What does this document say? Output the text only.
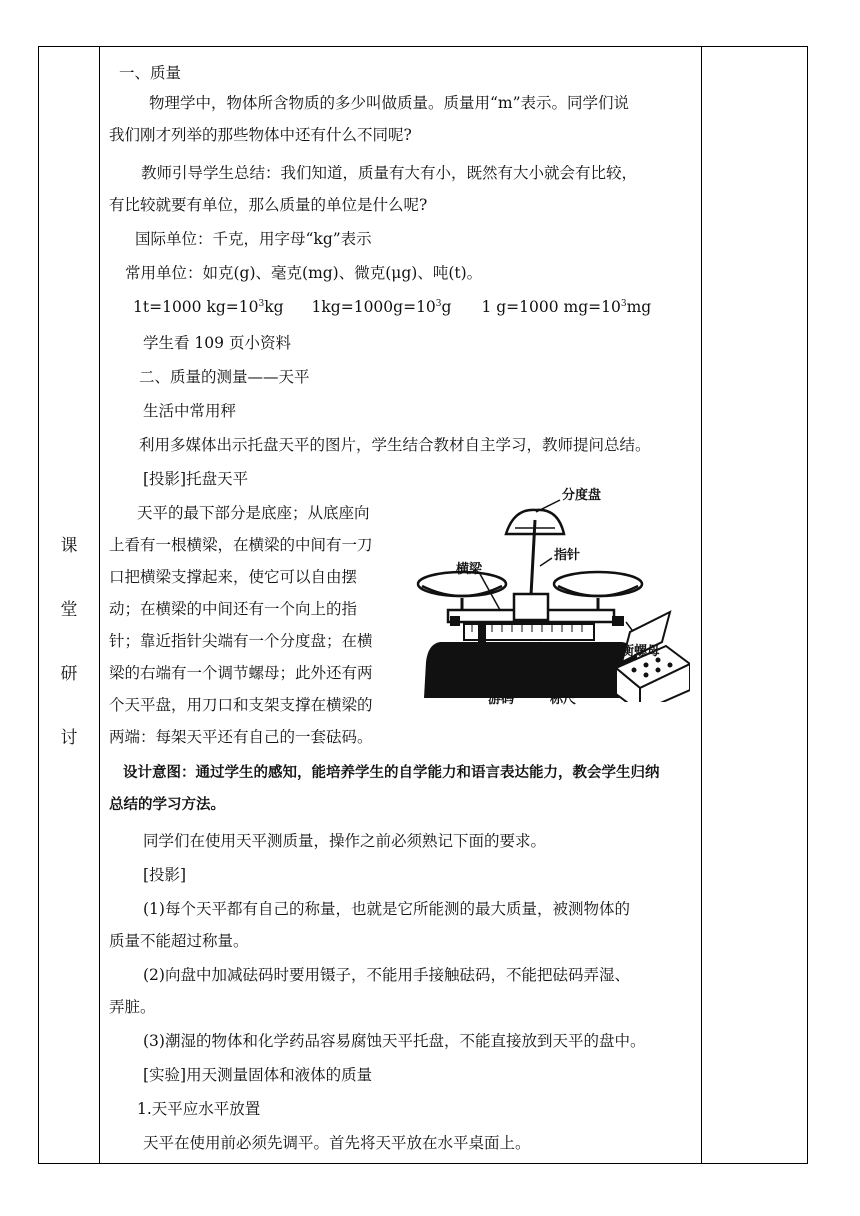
课
堂
研
讨
一、质量
物理学中，物体所含物质的多少叫做质量。质量用“m”表示。同学们说
我们刚才列举的那些物体中还有什么不同呢?
教师引导学生总结：我们知道，质量有大有小，既然有大小就会有比较，
有比较就要有单位，那么质量的单位是什么呢?
国际单位：千克，用字母“kg”表示
常用单位：如克(g)、毫克(mg)、微克(μg)、吨(t)。
1t=1000 $kg=10^3kg$ $1kg=1000g=10^3g$ 1 g=1000 $mg=10^3mg$
学生看 109 页小资料
二、质量的测量——天平
生活中常用秤
利用多媒体出示托盘天平的图片，学生结合教材自主学习，教师提问总结。
[投影]托盘天平
天平的最下部分是底座；从底座向
上看有一根横梁，在横梁的中间有一刀
口把横梁支撑起来，使它可以自由摆
动；在横梁的中间还有一个向上的指
针；靠近指针尖端有一个分度盘；在横
梁的右端有一个调节螺母；此外还有两
个天平盘，用刀口和支架支撑在横梁的
两端：每架天平还有自己的一套砝码。
设计意图：通过学生的感知，能培养学生的自学能力和语言表达能力，教会学生归纳
总结的学习方法。
同学们在使用天平测质量，操作之前必须熟记下面的要求。
[投影]
(1)每个天平都有自己的称量，也就是它所能测的最大质量，被测物体的
质量不能超过称量。
(2)向盘中加减砝码时要用镊子，不能用手接触砝码，不能把砝码弄湿、
弄脏。
(3)潮湿的物体和化学药品容易腐蚀天平托盘，不能直接放到天平的盘中。
[实验]用天测量固体和液体的质量
1.天平应水平放置
天平在使用前必须先调平。首先将天平放在水平桌面上。
分度盘
横梁
指针
平衡螺母
游码	标尺
